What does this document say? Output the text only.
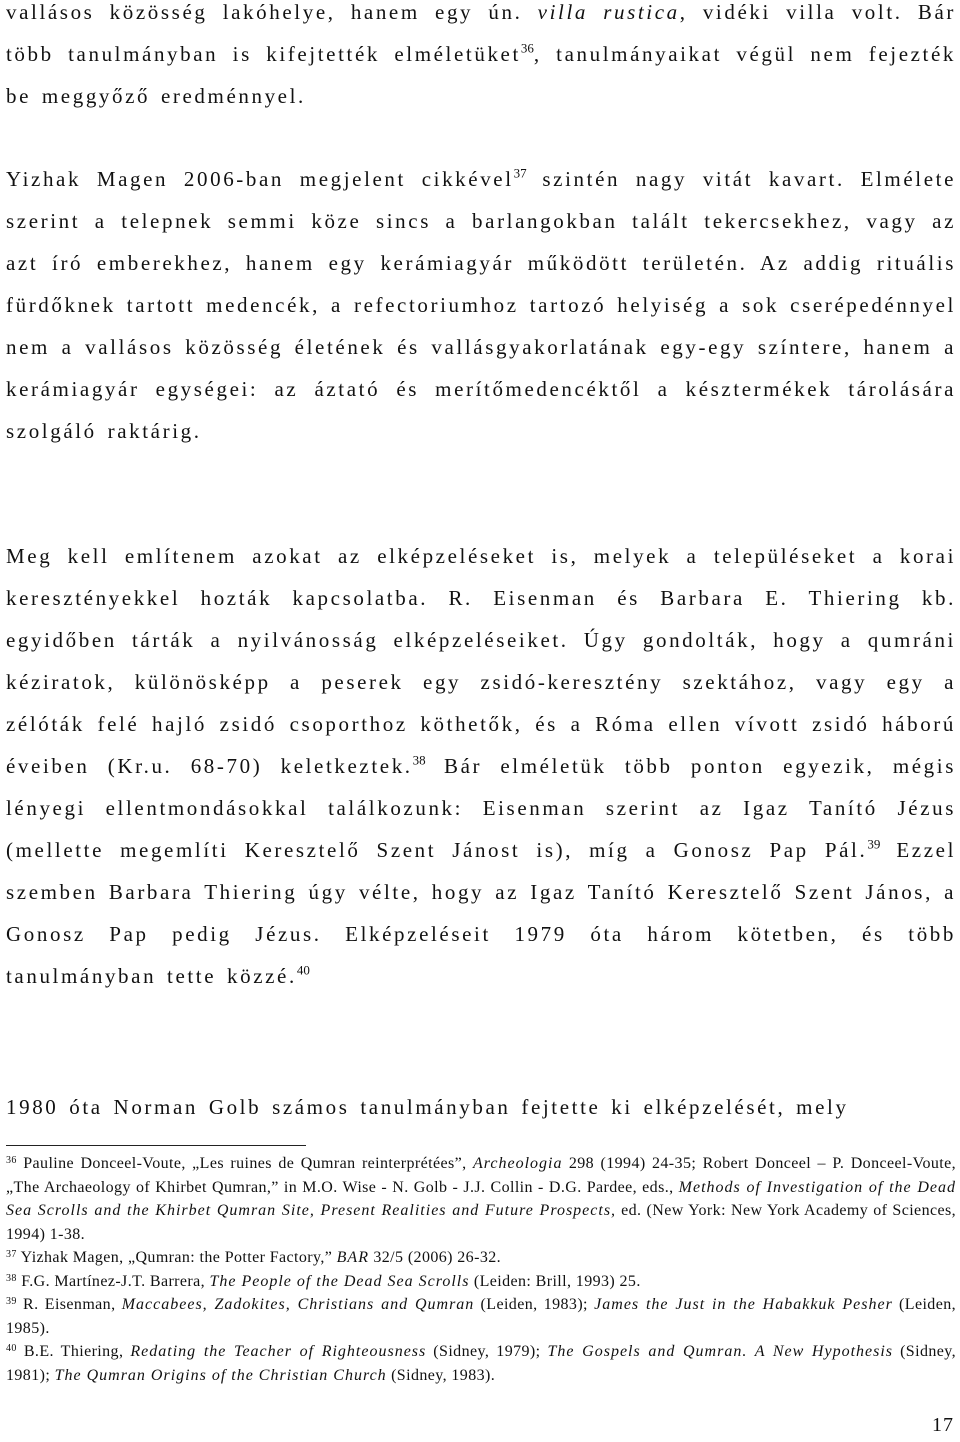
vallásos közösség lakóhelye, hanem egy ún. villa rustica, vidéki villa volt. Bár több tanulmányban is kifejtették elméletüket$^{36}$, tanulmányaikat végül nem fejezték be meggyőző eredménnyel.

Yizhak Magen 2006-ban megjelent cikkével$^{37}$ szintén nagy vitát kavart. Elmélete szerint a telepnek semmi köze sincs a barlangokban talált tekercsekhez, vagy az azt író emberekhez, hanem egy kerámiagyár működött területén. Az addig rituális fürdőknek tartott medencék, a refectoriumhoz tartozó helyiség a sok cserépedénnyel nem a vallásos közösség életének és vallásgyakorlatának egy-egy színtere, hanem a kerámiagyár egységei: az áztató és merítőmedencéktől a késztermékek tárolására szolgáló raktárig.

Meg kell említenem azokat az elképzeléseket is, melyek a településeket a korai keresztényekkel hozták kapcsolatba. R. Eisenman és Barbara E. Thiering kb. egyidőben tárták a nyilvánosság elképzeléseiket. Úgy gondolták, hogy a qumráni kéziratok, különösképp a peserek egy zsidó-keresztény szektához, vagy egy a zélóták felé hajló zsidó csoporthoz köthetők, és a Róma ellen vívott zsidó háború éveiben (Kr.u. 68-70) keletkeztek.$^{38}$ Bár elméletük több ponton egyezik, mégis lényegi ellentmondásokkal találkozunk: Eisenman szerint az Igaz Tanító Jézus (mellette megemlíti Keresztelő Szent Jánost is), míg a Gonosz Pap Pál.$^{39}$ Ezzel szemben Barbara Thiering úgy vélte, hogy az Igaz Tanító Keresztelő Szent János, a Gonosz Pap pedig Jézus. Elképzeléseit 1979 óta három kötetben, és több tanulmányban tette közzé.$^{40}$

1980 óta Norman Golb számos tanulmányban fejtette ki elképzelését, mely

$^{36}$ Pauline Donceel-Voute, „Les ruines de Qumran reinterprétées”, Archeologia 298 (1994) 24-35; Robert Donceel – P. Donceel-Voute, „The Archaeology of Khirbet Qumran,” in M.O. Wise - N. Golb - J.J. Collin - D.G. Pardee, eds., Methods of Investigation of the Dead Sea Scrolls and the Khirbet Qumran Site, Present Realities and Future Prospects, ed. (New York: New York Academy of Sciences, 1994) 1-38.

$^{37}$ Yizhak Magen, „Qumran: the Potter Factory,” BAR 32/5 (2006) 26-32.

$^{38}$ F.G. Martínez-J.T. Barrera, The People of the Dead Sea Scrolls (Leiden: Brill, 1993) 25.

$^{39}$ R. Eisenman, Maccabees, Zadokites, Christians and Qumran (Leiden, 1983); James the Just in the Habakkuk Pesher (Leiden, 1985).

$^{40}$ B.E. Thiering, Redating the Teacher of Righteousness (Sidney, 1979); The Gospels and Qumran. A New Hypothesis (Sidney, 1981); The Qumran Origins of the Christian Church (Sidney, 1983).

17
